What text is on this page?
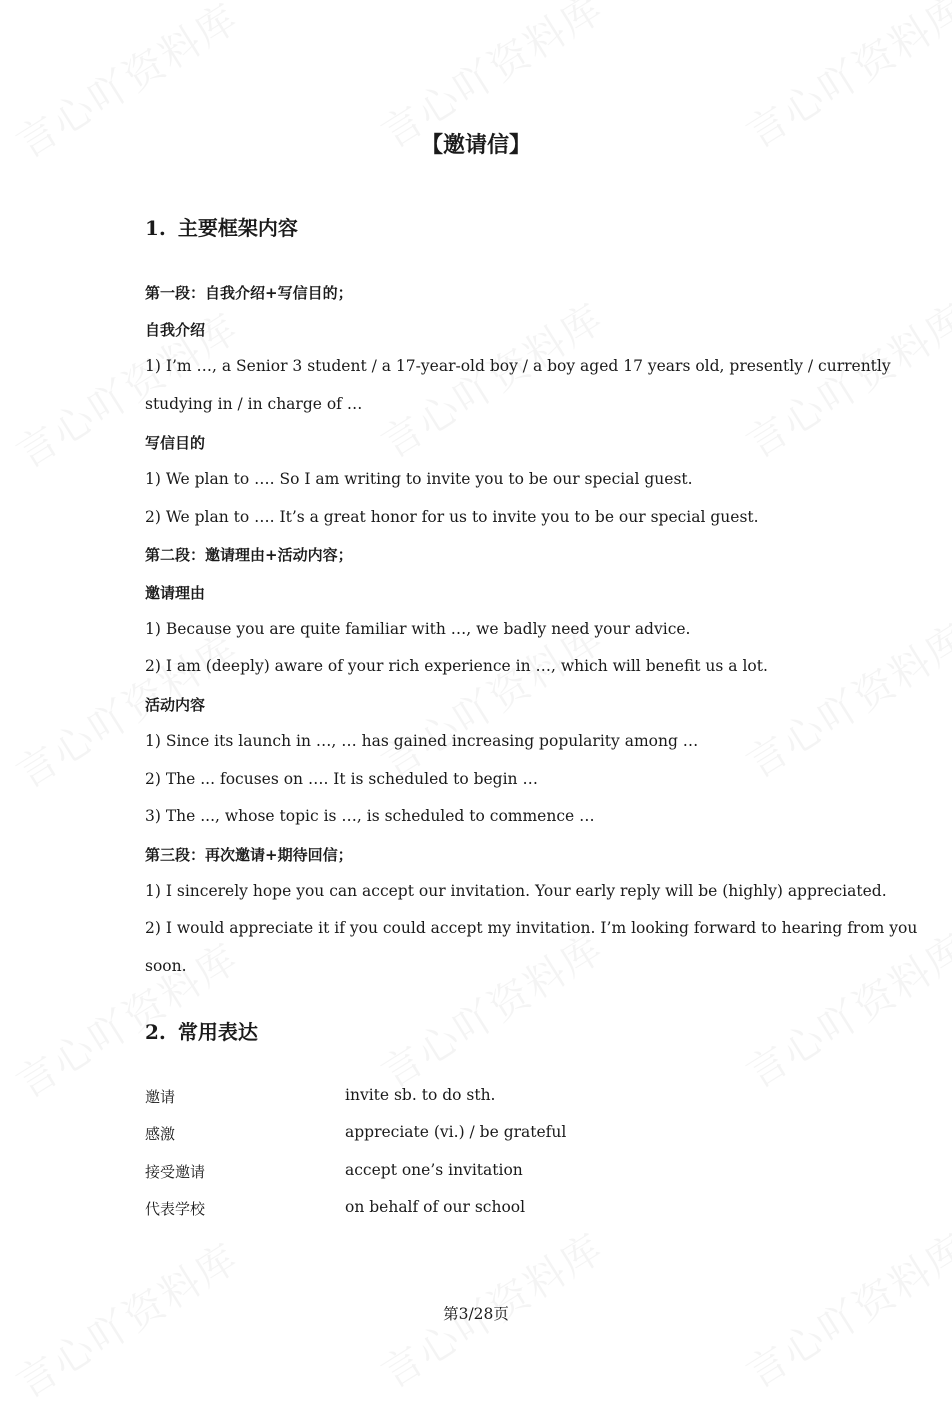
【邀请信】
1. 主要框架内容
第一段：自我介绍+写信目的；
自我介绍
1) I’m …, a Senior 3 student / a 17-year-old boy / a boy aged 17 years old, presently / currently
studying in / in charge of …
写信目的
1) We plan to …. So I am writing to invite you to be our special guest.
2) We plan to …. It’s a great honor for us to invite you to be our special guest.
第二段：邀请理由+活动内容；
邀请理由
1) Because you are quite familiar with …, we badly need your advice.
2) I am (deeply) aware of your rich experience in …, which will benefit us a lot.
活动内容
1) Since its launch in …, … has gained increasing popularity among …
2) The ... focuses on …. It is scheduled to begin …
3) The ..., whose topic is …, is scheduled to commence …
第三段：再次邀请+期待回信；
1) I sincerely hope you can accept our invitation. Your early reply will be (highly) appreciated.
2) I would appreciate it if you could accept my invitation. I’m looking forward to hearing from you
soon.
2. 常用表达
邀请	invite sb. to do sth.
感激	appreciate (vi.) / be grateful
接受邀请	accept one’s invitation
代表学校	on behalf of our school
第3/28页
